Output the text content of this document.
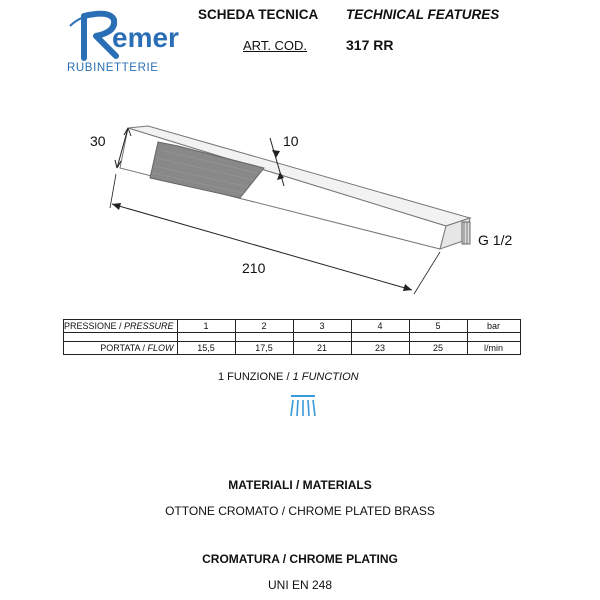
emer
RUBINETTERIE
SCHEDA TECNICA TECHNICAL FEATURES
ART. COD.	317 RR
30	10
210
G 1/2
PRESSIONE / PRESSURE	1	2	3	4	5	bar

PORTATA / FLOW	15,5	17,5	21	23	25	l/min
1 FUNZIONE / 1 FUNCTION
MATERIALI / MATERIALS
OTTONE CROMATO / CHROME PLATED BRASS
CROMATURA / CHROME PLATING
UNI EN 248
